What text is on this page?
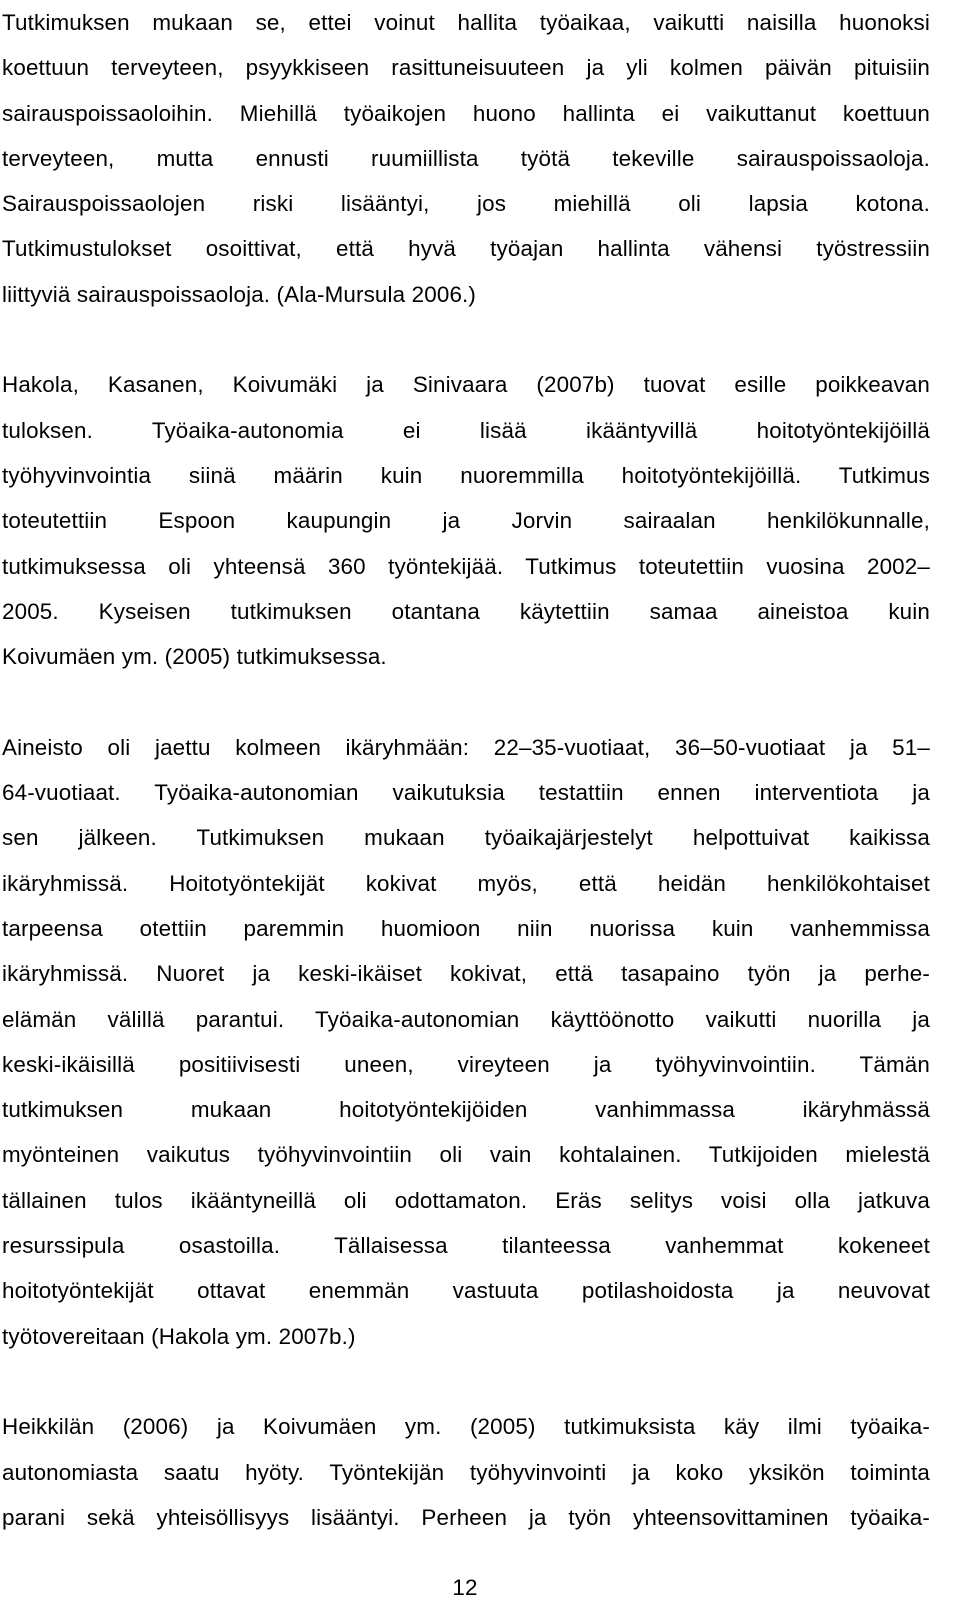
Tutkimuksen mukaan se, ettei voinut hallita työaikaa, vaikutti naisilla huonoksi
koettuun terveyteen, psyykkiseen rasittuneisuuteen ja yli kolmen päivän pituisiin
sairauspoissaoloihin. Miehillä työaikojen huono hallinta ei vaikuttanut koettuun
terveyteen, mutta ennusti ruumiillista työtä tekeville sairauspoissaoloja.
Sairauspoissaolojen riski lisääntyi, jos miehillä oli lapsia kotona.
Tutkimustulokset osoittivat, että hyvä työajan hallinta vähensi työstressiin
liittyviä sairauspoissaoloja. (Ala-Mursula 2006.)
Hakola, Kasanen, Koivumäki ja Sinivaara (2007b) tuovat esille poikkeavan
tuloksen. Työaika-autonomia ei lisää ikääntyvillä hoitotyöntekijöillä
työhyvinvointia siinä määrin kuin nuoremmilla hoitotyöntekijöillä. Tutkimus
toteutettiin Espoon kaupungin ja Jorvin sairaalan henkilökunnalle,
tutkimuksessa oli yhteensä 360 työntekijää. Tutkimus toteutettiin vuosina 2002–
2005. Kyseisen tutkimuksen otantana käytettiin samaa aineistoa kuin
Koivumäen ym. (2005) tutkimuksessa.
Aineisto oli jaettu kolmeen ikäryhmään: 22–35-vuotiaat, 36–50-vuotiaat ja 51–
64-vuotiaat. Työaika-autonomian vaikutuksia testattiin ennen interventiota ja
sen jälkeen. Tutkimuksen mukaan työaikajärjestelyt helpottuivat kaikissa
ikäryhmissä. Hoitotyöntekijät kokivat myös, että heidän henkilökohtaiset
tarpeensa otettiin paremmin huomioon niin nuorissa kuin vanhemmissa
ikäryhmissä. Nuoret ja keski-ikäiset kokivat, että tasapaino työn ja perhe-
elämän välillä parantui. Työaika-autonomian käyttöönotto vaikutti nuorilla ja
keski-ikäisillä positiivisesti uneen, vireyteen ja työhyvinvointiin. Tämän
tutkimuksen mukaan hoitotyöntekijöiden vanhimmassa ikäryhmässä
myönteinen vaikutus työhyvinvointiin oli vain kohtalainen. Tutkijoiden mielestä
tällainen tulos ikääntyneillä oli odottamaton. Eräs selitys voisi olla jatkuva
resurssipula osastoilla. Tällaisessa tilanteessa vanhemmat kokeneet
hoitotyöntekijät ottavat enemmän vastuuta potilashoidosta ja neuvovat
työtovereitaan (Hakola ym. 2007b.)
Heikkilän (2006) ja Koivumäen ym. (2005) tutkimuksista käy ilmi työaika-
autonomiasta saatu hyöty. Työntekijän työhyvinvointi ja koko yksikön toiminta
parani sekä yhteisöllisyys lisääntyi. Perheen ja työn yhteensovittaminen työaika-
12
